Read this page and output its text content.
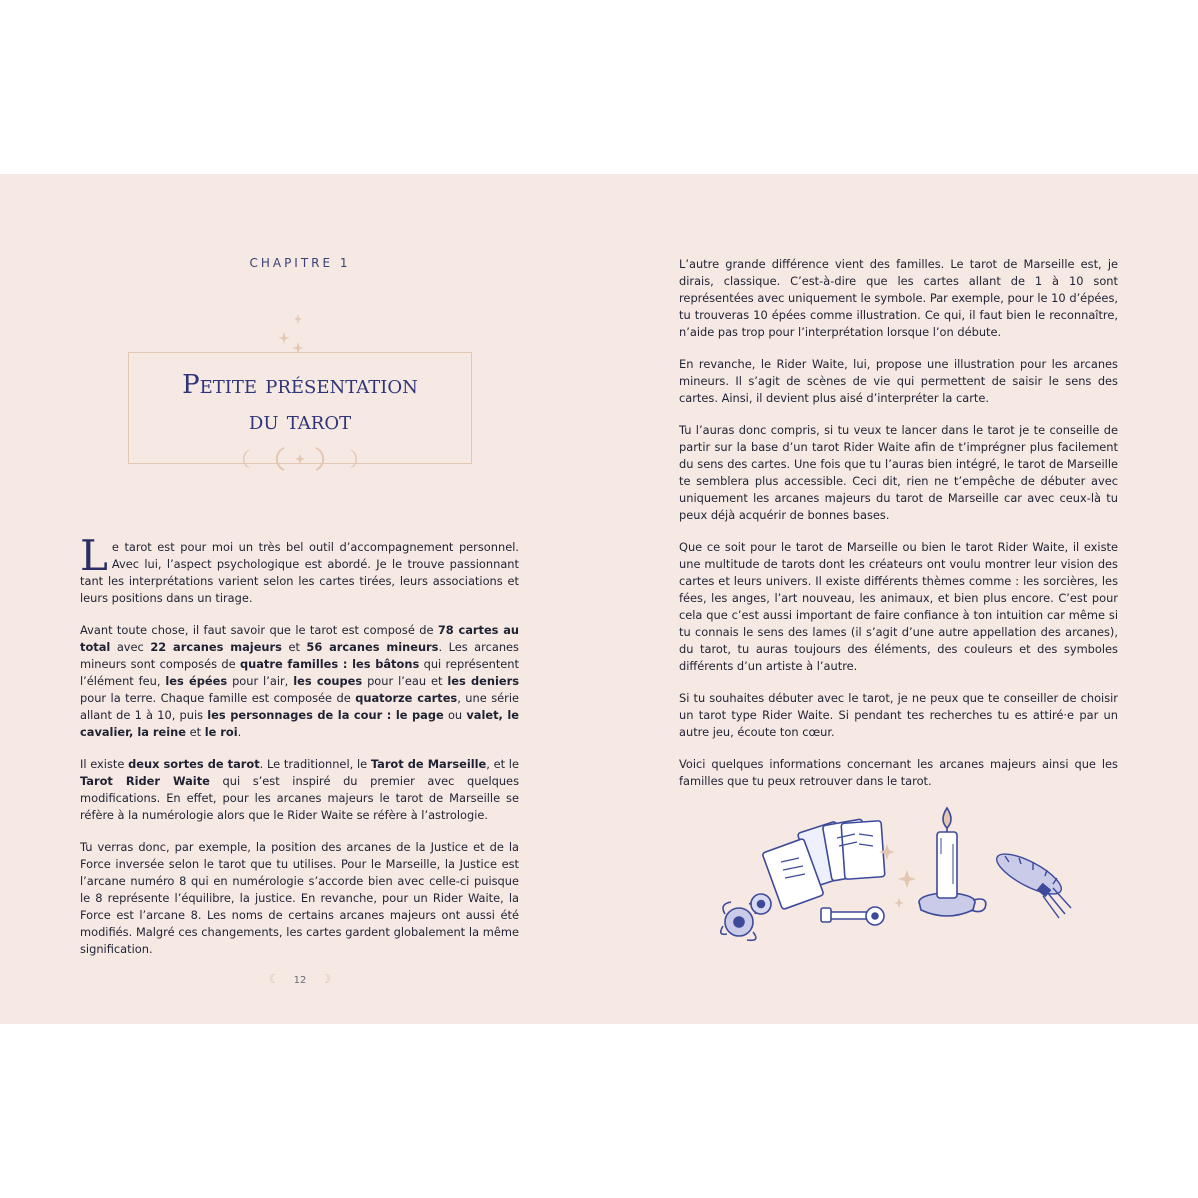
CHAPITRE 1
Petite présentation
du tarot

Le tarot est pour moi un très bel outil d’accompagnement personnel. Avec lui, l’aspect psychologique est abordé. Je le trouve passionnant tant les interprétations varient selon les cartes tirées, leurs associations et leurs positions dans un tirage.

Avant toute chose, il faut savoir que le tarot est composé de 78 cartes au total avec 22 arcanes majeurs et 56 arcanes mineurs. Les arcanes mineurs sont composés de quatre familles : les bâtons qui représentent l’élément feu, les épées pour l’air, les coupes pour l’eau et les deniers pour la terre. Chaque famille est composée de quatorze cartes, une série allant de 1 à 10, puis les personnages de la cour : le page ou valet, le cavalier, la reine et le roi.

Il existe deux sortes de tarot. Le traditionnel, le Tarot de Marseille, et le Tarot Rider Waite qui s’est inspiré du premier avec quelques modifications. En effet, pour les arcanes majeurs le tarot de Marseille se réfère à la numérologie alors que le Rider Waite se réfère à l’astrologie.

Tu verras donc, par exemple, la position des arcanes de la Justice et de la Force inversée selon le tarot que tu utilises. Pour le Marseille, la Justice est l’arcane numéro 8 qui en numérologie s’accorde bien avec celle-ci puisque le 8 représente l’équilibre, la justice. En revanche, pour un Rider Waite, la Force est l’arcane 8. Les noms de certains arcanes majeurs ont aussi été modifiés. Malgré ces changements, les cartes gardent globalement la même signification.

☾ 12 ☽

L’autre grande différence vient des familles. Le tarot de Marseille est, je dirais, classique. C’est-à-dire que les cartes allant de 1 à 10 sont représentées avec uniquement le symbole. Par exemple, pour le 10 d’épées, tu trouveras 10 épées comme illustration. Ce qui, il faut bien le reconnaître, n’aide pas trop pour l’interprétation lorsque l’on débute.

En revanche, le Rider Waite, lui, propose une illustration pour les arcanes mineurs. Il s’agit de scènes de vie qui permettent de saisir le sens des cartes. Ainsi, il devient plus aisé d’interpréter la carte.

Tu l’auras donc compris, si tu veux te lancer dans le tarot je te conseille de partir sur la base d’un tarot Rider Waite afin de t’imprégner plus facilement du sens des cartes. Une fois que tu l’auras bien intégré, le tarot de Marseille te semblera plus accessible. Ceci dit, rien ne t’empêche de débuter avec uniquement les arcanes majeurs du tarot de Marseille car avec ceux-là tu peux déjà acquérir de bonnes bases.

Que ce soit pour le tarot de Marseille ou bien le tarot Rider Waite, il existe une multitude de tarots dont les créateurs ont voulu montrer leur vision des cartes et leurs univers. Il existe différents thèmes comme : les sorcières, les fées, les anges, l’art nouveau, les animaux, et bien plus encore. C’est pour cela que c’est aussi important de faire confiance à ton intuition car même si tu connais le sens des lames (il s’agit d’une autre appellation des arcanes), du tarot, tu auras toujours des éléments, des couleurs et des symboles différents d’un artiste à l’autre.

Si tu souhaites débuter avec le tarot, je ne peux que te conseiller de choisir un tarot type Rider Waite. Si pendant tes recherches tu es attiré·e par un autre jeu, écoute ton cœur.

Voici quelques informations concernant les arcanes majeurs ainsi que les familles que tu peux retrouver dans le tarot.
